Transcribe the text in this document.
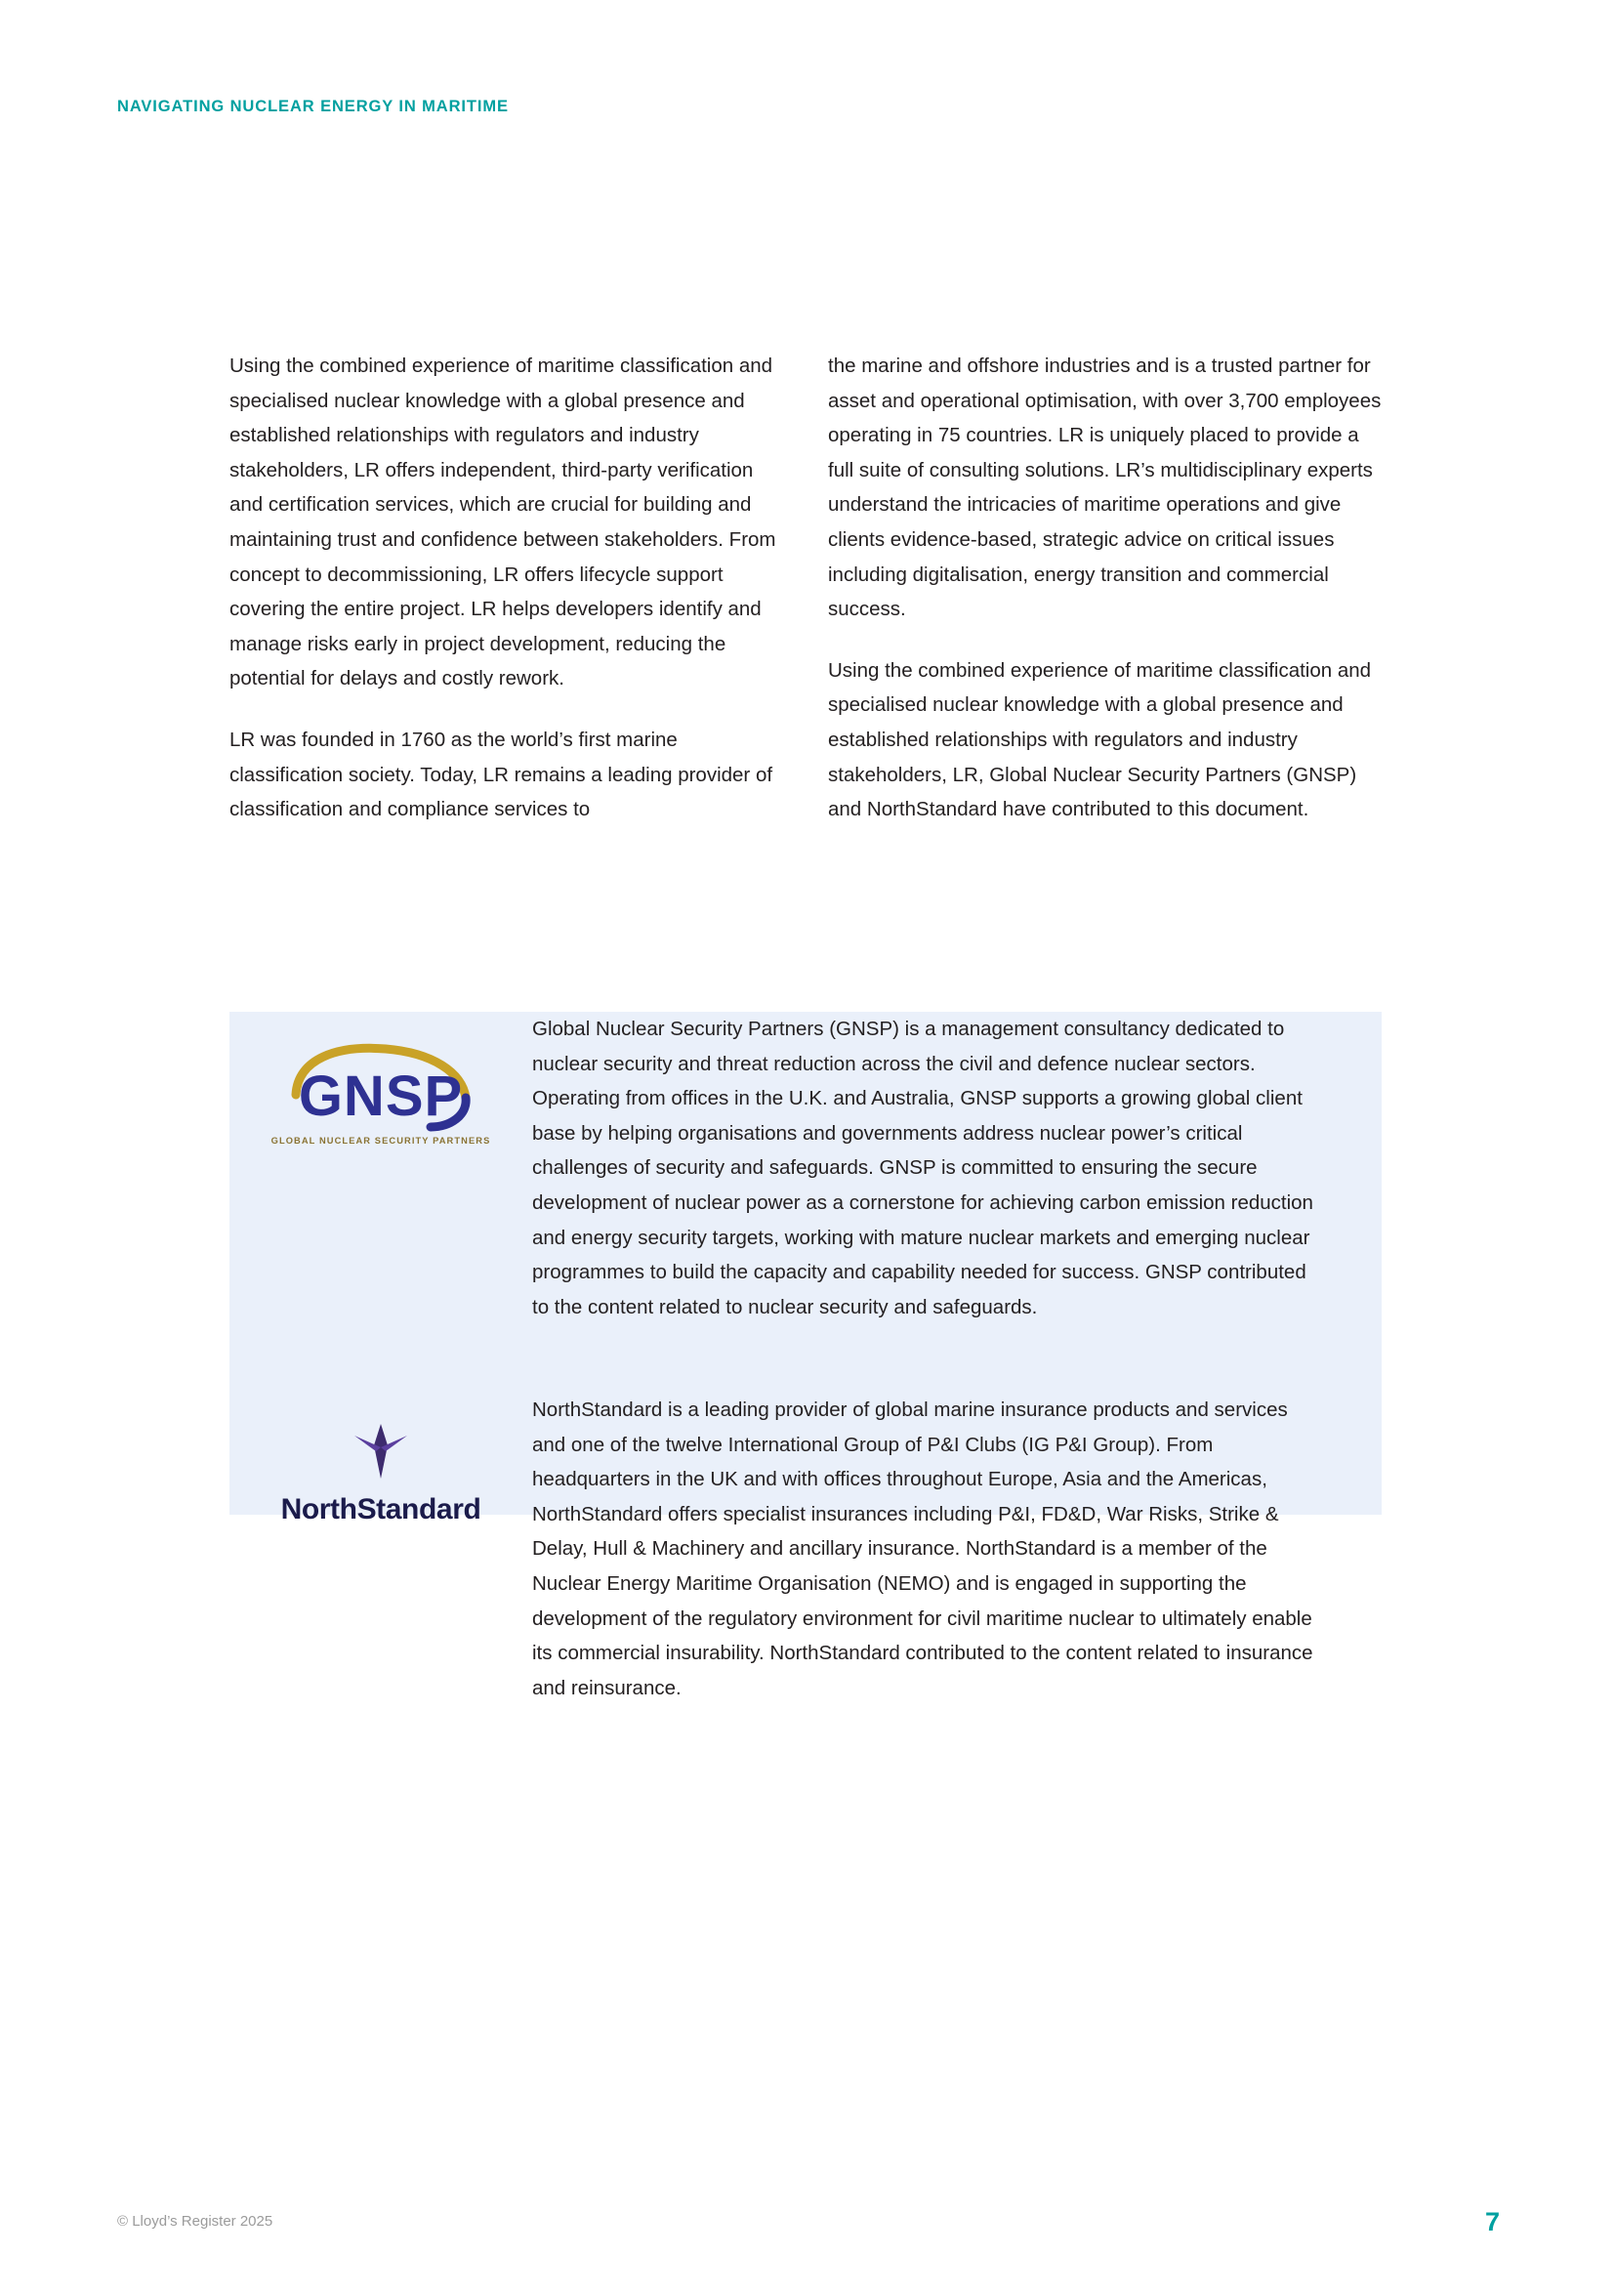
NAVIGATING NUCLEAR ENERGY IN MARITIME

Using the combined experience of maritime classification and specialised nuclear knowledge with a global presence and established relationships with regulators and industry stakeholders, LR offers independent, third-party verification and certification services, which are crucial for building and maintaining trust and confidence between stakeholders. From concept to decommissioning, LR offers lifecycle support covering the entire project. LR helps developers identify and manage risks early in project development, reducing the potential for delays and costly rework.

LR was founded in 1760 as the world’s first marine classification society. Today, LR remains a leading provider of classification and compliance services to

the marine and offshore industries and is a trusted partner for asset and operational optimisation, with over 3,700 employees operating in 75 countries. LR is uniquely placed to provide a full suite of consulting solutions. LR’s multidisciplinary experts understand the intricacies of maritime operations and give clients evidence-based, strategic advice on critical issues including digitalisation, energy transition and commercial success.

Using the combined experience of maritime classification and specialised nuclear knowledge with a global presence and established relationships with regulators and industry stakeholders, LR, Global Nuclear Security Partners (GNSP) and NorthStandard have contributed to this document.

GNSP
GLOBAL NUCLEAR SECURITY PARTNERS

Global Nuclear Security Partners (GNSP) is a management consultancy dedicated to nuclear security and threat reduction across the civil and defence nuclear sectors. Operating from offices in the U.K. and Australia, GNSP supports a growing global client base by helping organisations and governments address nuclear power’s critical challenges of security and safeguards. GNSP is committed to ensuring the secure development of nuclear power as a cornerstone for achieving carbon emission reduction and energy security targets, working with mature nuclear markets and emerging nuclear programmes to build the capacity and capability needed for success. GNSP contributed to the content related to nuclear security and safeguards.

NorthStandard

NorthStandard is a leading provider of global marine insurance products and services and one of the twelve International Group of P&I Clubs (IG P&I Group). From headquarters in the UK and with offices throughout Europe, Asia and the Americas, NorthStandard offers specialist insurances including P&I, FD&D, War Risks, Strike & Delay, Hull & Machinery and ancillary insurance. NorthStandard is a member of the Nuclear Energy Maritime Organisation (NEMO) and is engaged in supporting the development of the regulatory environment for civil maritime nuclear to ultimately enable its commercial insurability. NorthStandard contributed to the content related to insurance and reinsurance.

© Lloyd’s Register 2025	7
